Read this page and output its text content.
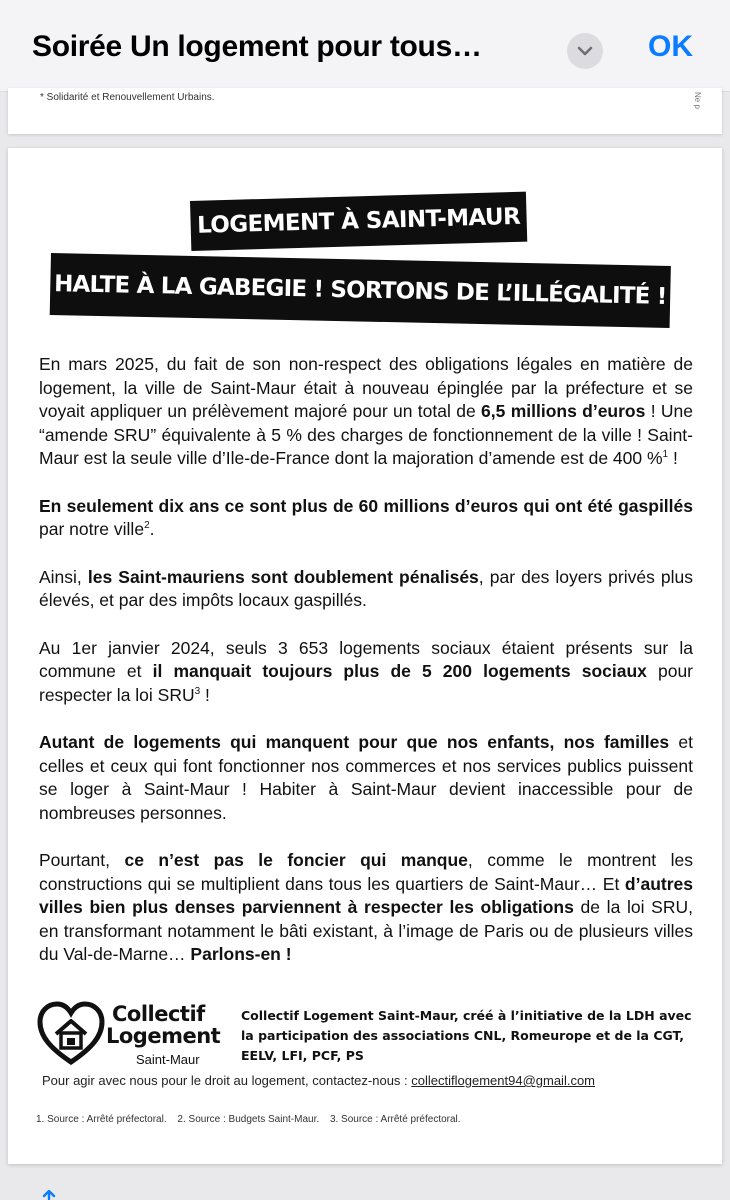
Soirée Un logement pour tous…	OK
* Solidarité et Renouvellement Urbains.	Ne p
LOGEMENT À SAINT-MAUR
HALTE À LA GABEGIE ! SORTONS DE L’ILLÉGALITÉ !

En mars 2025, du fait de son non-respect des obligations légales en matière de logement, la ville de Saint-Maur était à nouveau épinglée par la préfecture et se voyait appliquer un prélèvement majoré pour un total de 6,5 millions d’euros ! Une “amende SRU” équivalente à 5 % des charges de fonctionnement de la ville ! Saint-Maur est la seule ville d’Ile-de-France dont la majoration d’amende est de 400 %$^1$ !

En seulement dix ans ce sont plus de 60 millions d’euros qui ont été gaspillés par notre ville$^2$.

Ainsi, les Saint-mauriens sont doublement pénalisés, par des loyers privés plus élevés, et par des impôts locaux gaspillés.

Au 1er janvier 2024, seuls 3 653 logements sociaux étaient présents sur la commune et il manquait toujours plus de 5 200 logements sociaux pour respecter la loi SRU$^3$ !

Autant de logements qui manquent pour que nos enfants, nos familles et celles et ceux qui font fonctionner nos commerces et nos services publics puissent se loger à Saint-Maur ! Habiter à Saint-Maur devient inaccessible pour de nombreuses personnes.

Pourtant, ce n’est pas le foncier qui manque, comme le montrent les constructions qui se multiplient dans tous les quartiers de Saint-Maur… Et d’autres villes bien plus denses parviennent à respecter les obligations de la loi SRU, en transformant notamment le bâti existant, à l’image de Paris ou de plusieurs villes du Val-de-Marne… Parlons-en !

Collectif
Logement
Saint-Maur
Collectif Logement Saint-Maur, créé à l’initiative de la LDH avec la participation des associations CNL, Romeurope et de la CGT, EELV, LFI, PCF, PS
Pour agir avec nous pour le droit au logement, contactez-nous : collectiflogement94@gmail.com
1. Source : Arrêté préfectoral. 2. Source : Budgets Saint-Maur. 3. Source : Arrêté préfectoral.
